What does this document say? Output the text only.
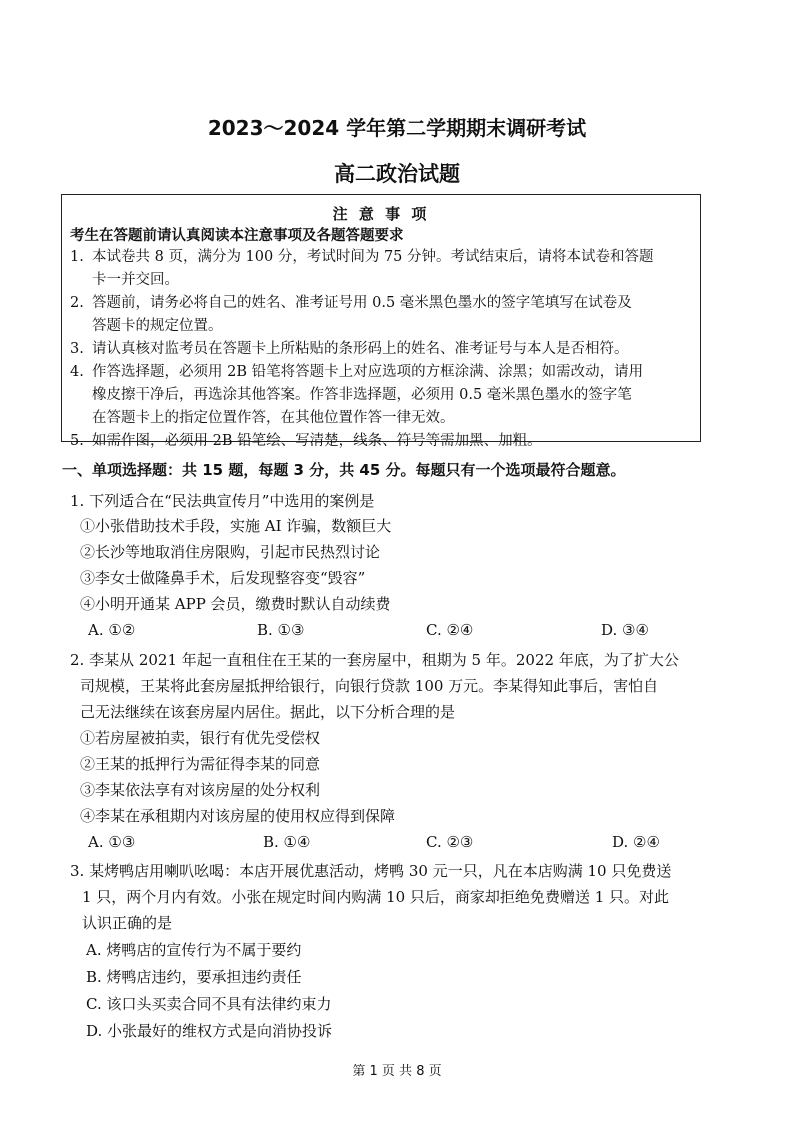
2023～2024 学年第二学期期末调研考试
高二政治试题
注 意 事 项
考生在答题前请认真阅读本注意事项及各题答题要求
1. 本试卷共 8 页，满分为 100 分，考试时间为 75 分钟。考试结束后，请将本试卷和答题
卡一并交回。
2. 答题前，请务必将自己的姓名、准考证号用 0.5 毫米黑色墨水的签字笔填写在试卷及
答题卡的规定位置。
3. 请认真核对监考员在答题卡上所粘贴的条形码上的姓名、准考证号与本人是否相符。
4. 作答选择题，必须用 2B 铅笔将答题卡上对应选项的方框涂满、涂黑；如需改动，请用
橡皮擦干净后，再选涂其他答案。作答非选择题，必须用 0.5 毫米黑色墨水的签字笔
在答题卡上的指定位置作答，在其他位置作答一律无效。
5. 如需作图，必须用 2B 铅笔绘、写清楚，线条、符号等需加黑、加粗。
一、单项选择题：共 15 题，每题 3 分，共 45 分。每题只有一个选项最符合题意。
1. 下列适合在“民法典宣传月”中选用的案例是
①小张借助技术手段，实施 AI 诈骗，数额巨大
②长沙等地取消住房限购，引起市民热烈讨论
③李女士做隆鼻手术，后发现整容变“毁容”
④小明开通某 APP 会员，缴费时默认自动续费
A. ①②	B. ①③	C. ②④	D. ③④
2. 李某从 2021 年起一直租住在王某的一套房屋中，租期为 5 年。2022 年底，为了扩大公
司规模，王某将此套房屋抵押给银行，向银行贷款 100 万元。李某得知此事后，害怕自
己无法继续在该套房屋内居住。据此，以下分析合理的是
①若房屋被拍卖，银行有优先受偿权
②王某的抵押行为需征得李某的同意
③李某依法享有对该房屋的处分权利
④李某在承租期内对该房屋的使用权应得到保障
A. ①③	B. ①④	C. ②③	D. ②④
3. 某烤鸭店用喇叭吆喝：本店开展优惠活动，烤鸭 30 元一只，凡在本店购满 10 只免费送
1 只，两个月内有效。小张在规定时间内购满 10 只后，商家却拒绝免费赠送 1 只。对此
认识正确的是
A. 烤鸭店的宣传行为不属于要约
B. 烤鸭店违约，要承担违约责任
C. 该口头买卖合同不具有法律约束力
D. 小张最好的维权方式是向消协投诉
第 1 页 共 8 页
